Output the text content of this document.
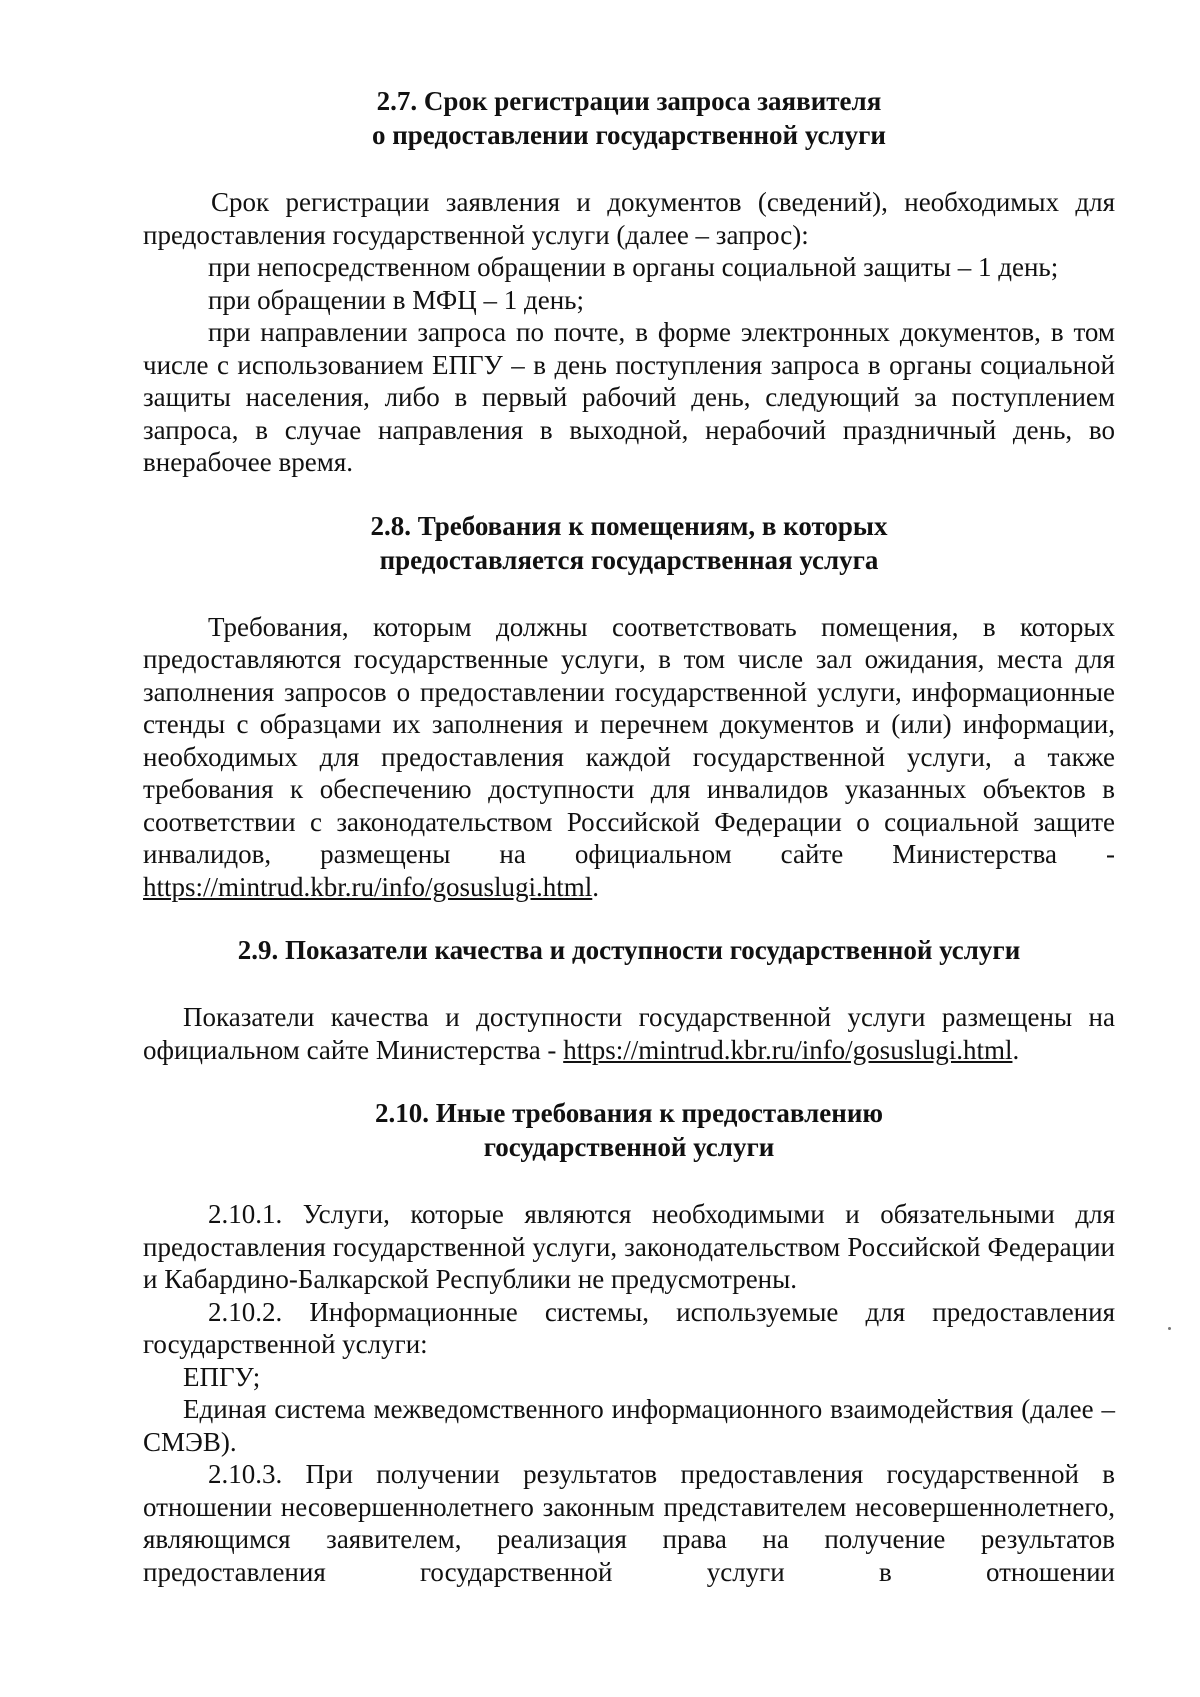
2.7. Срок регистрации запроса заявителя
о предоставлении государственной услуги

Срок регистрации заявления и документов (сведений), необходимых для предоставления государственной услуги (далее – запрос):

при непосредственном обращении в органы социальной защиты – 1 день;

при обращении в МФЦ – 1 день;

при направлении запроса по почте, в форме электронных документов, в том числе с использованием ЕПГУ – в день поступления запроса в органы социальной защиты населения, либо в первый рабочий день, следующий за поступлением запроса, в случае направления в выходной, нерабочий праздничный день, во внерабочее время.

2.8. Требования к помещениям, в которых
предоставляется государственная услуга

Требования, которым должны соответствовать помещения, в которых предоставляются государственные услуги, в том числе зал ожидания, места для заполнения запросов о предоставлении государственной услуги, информационные стенды с образцами их заполнения и перечнем документов и (или) информации, необходимых для предоставления каждой государственной услуги, а также требования к обеспечению доступности для инвалидов указанных объектов в соответствии с законодательством Российской Федерации о социальной защите инвалидов, размещены на официальном сайте Министерства - https://mintrud.kbr.ru/info/gosuslugi.html.

2.9. Показатели качества и доступности государственной услуги

Показатели качества и доступности государственной услуги размещены на официальном сайте Министерства - https://mintrud.kbr.ru/info/gosuslugi.html.

2.10. Иные требования к предоставлению
государственной услуги

2.10.1. Услуги, которые являются необходимыми и обязательными для предоставления государственной услуги, законодательством Российской Федерации и Кабардино-Балкарской Республики не предусмотрены.

2.10.2. Информационные системы, используемые для предоставления государственной услуги:

ЕПГУ;

Единая система межведомственного информационного взаимодействия (далее – СМЭВ).

2.10.3. При получении результатов предоставления государственной в отношении несовершеннолетнего законным представителем несовершеннолетнего, являющимся заявителем, реализация права на получение результатов предоставления государственной услуги в отношении
